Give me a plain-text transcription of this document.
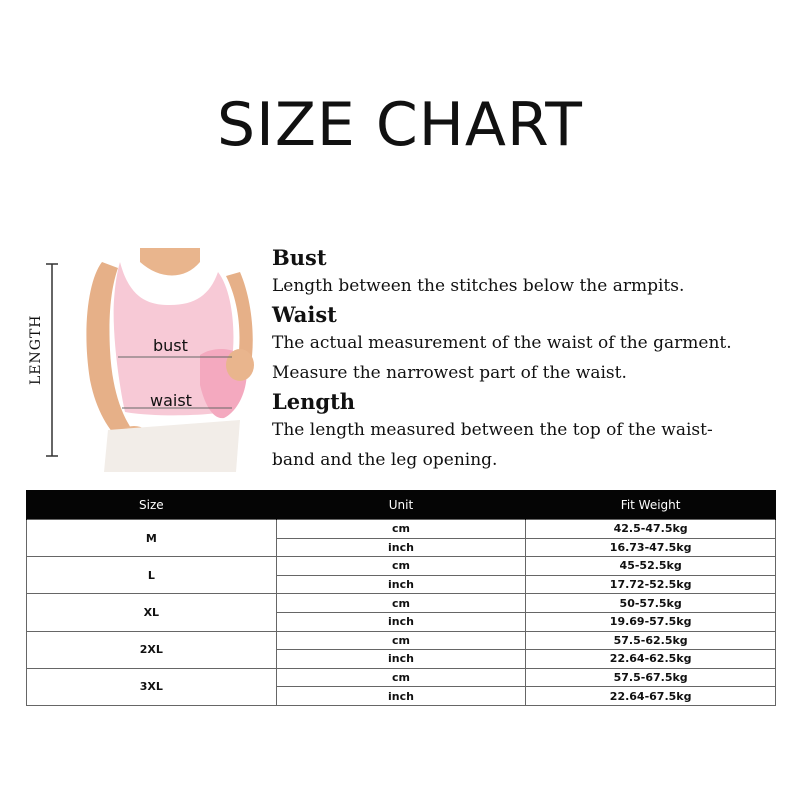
SIZE CHART
LENGTH	bust
waist
Bust
Length between the stitches below the armpits.
Waist
The actual measurement of the waist of the garment.
Measure the narrowest part of the waist.
Length
The length measured between the top of the waist-
band and the leg opening.
Size	Unit	Fit Weight
M	cm	42.5-47.5kg
	inch	16.73-47.5kg
L	cm	45-52.5kg
	inch	17.72-52.5kg
XL	cm	50-57.5kg
	inch	19.69-57.5kg
2XL	cm	57.5-62.5kg
	inch	22.64-62.5kg
3XL	cm	57.5-67.5kg
	inch	22.64-67.5kg
